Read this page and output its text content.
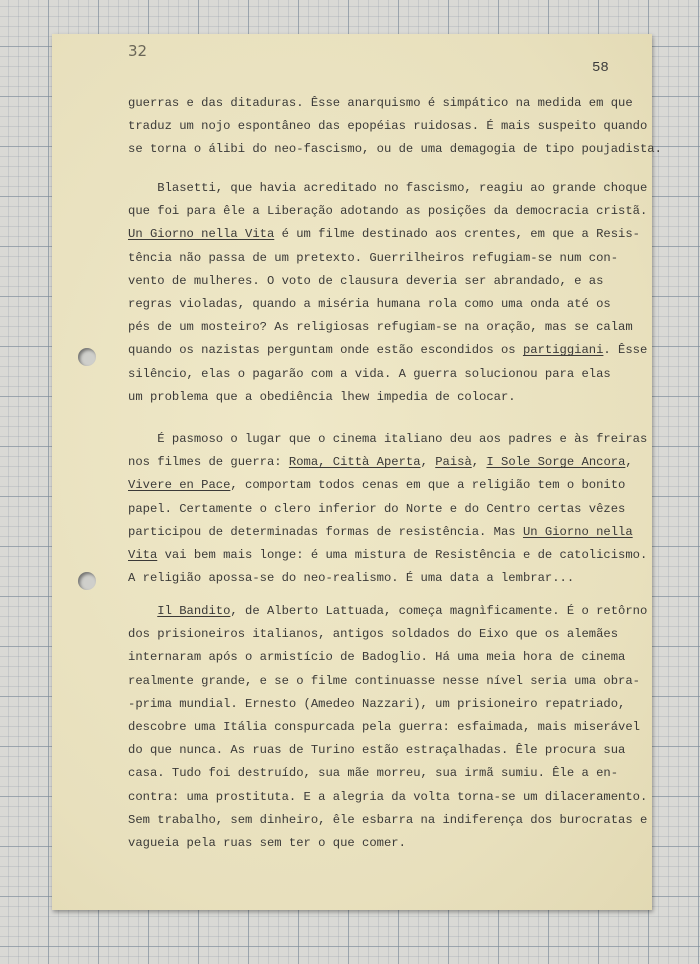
32
58
guerras e das ditaduras. Êsse anarquismo é simpático na medida em que
traduz um nojo espontâneo das epopéias ruidosas. É mais suspeito quando
se torna o álibi do neo-fascismo, ou de uma demagogia de tipo poujadista.
Blasetti, que havia acreditado no fascismo, reagiu ao grande choque
que foi para êle a Liberação adotando as posições da democracia cristã.
Un Giorno nella Vita é um filme destinado aos crentes, em que a Resis-
tência não passa de um pretexto. Guerrilheiros refugiam-se num con-
vento de mulheres. O voto de clausura deveria ser abrandado, e as
regras violadas, quando a miséria humana rola como uma onda até os
pés de um mosteiro? As religiosas refugiam-se na oração, mas se calam
quando os nazistas perguntam onde estão escondidos os partiggiani. Êsse
silêncio, elas o pagarão com a vida. A guerra solucionou para elas
um problema que a obediência lhew impedia de colocar.
É pasmoso o lugar que o cinema italiano deu aos padres e às freiras
nos filmes de guerra: Roma, Città Aperta, Paisà, I Sole Sorge Ancora,
Vivere en Pace, comportam todos cenas em que a religião tem o bonito
papel. Certamente o clero inferior do Norte e do Centro certas vêzes
participou de determinadas formas de resistência. Mas Un Giorno nella
Vita vai bem mais longe: é uma mistura de Resistência e de catolicismo.
A religião apossa-se do neo-realismo. É uma data a lembrar...
Il Bandito, de Alberto Lattuada, começa magnìficamente. É o retôrno
dos prisioneiros italianos, antigos soldados do Eixo que os alemães
internaram após o armistício de Badoglio. Há uma meia hora de cinema
realmente grande, e se o filme continuasse nesse nível seria uma obra-
-prima mundial. Ernesto (Amedeo Nazzari), um prisioneiro repatriado,
descobre uma Itália conspurcada pela guerra: esfaimada, mais miserável
do que nunca. As ruas de Turino estão estraçalhadas. Êle procura sua
casa. Tudo foi destruído, sua mãe morreu, sua irmã sumiu. Êle a en-
contra: uma prostituta. E a alegria da volta torna-se um dilaceramento.
Sem trabalho, sem dinheiro, êle esbarra na indiferença dos burocratas e
vagueia pela ruas sem ter o que comer.
